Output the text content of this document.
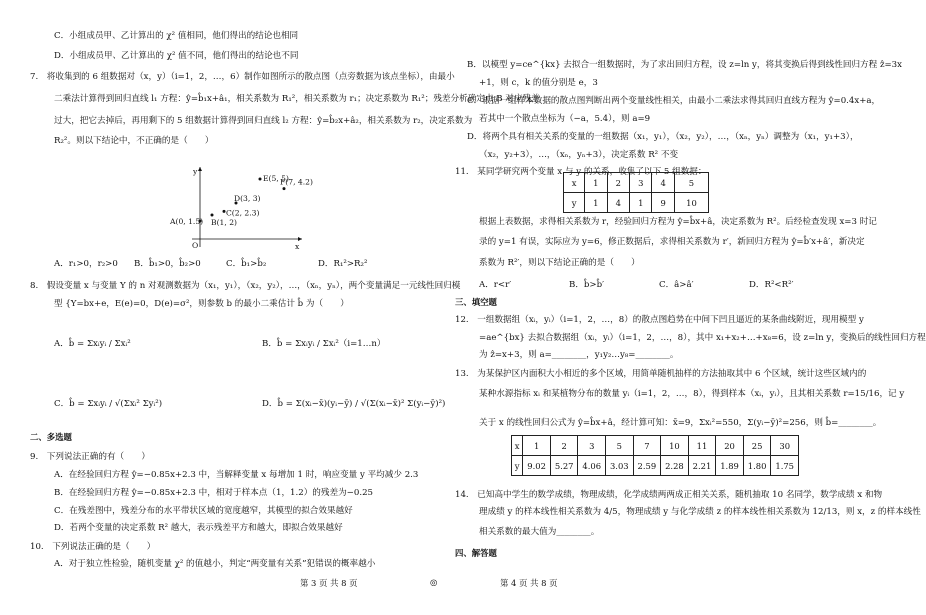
C．小组成员甲、乙计算出的 χ² 值相同，他们得出的结论也相同
D．小组成员甲、乙计算出的 χ² 值不同，他们得出的结论也不同
7.　将收集到的 6 组数据对（x，y）（i=1，2，…，6）制作如图所示的散点图（点旁数据为该点坐标），由最小
二乘法计算得到回归直线 l₁ 方程：ŷ=b̂₁x+â₁，相关系数为 R₁²，相关系数为 r₁；决定系数为 R₁²；残差分析确定点 B 对应残差
过大，把它去掉后，再用剩下的 5 组数据计算得到回归直线 l₂ 方程：ŷ=b̂₂x+â₂，相关系数为 r₂，决定系数为
R₂²。则以下结论中，不正确的是（　　）
A．r₁>0，r₂>0 B．b̂₁>0，b̂₂>0	C．b̂₁>b̂₂	D．R₁²>R₂²
8.　假设变量 x 与变量 Y 的 n 对观测数据为（x₁，y₁），（x₂，y₂），…，（xₙ，yₙ），两个变量满足一元线性回归模
型 {Y=bx+e，E(e)=0，D(e)=σ²，则参数 b 的最小二乘估计 b̂ 为（　　）
A．b̂ = Σxᵢyᵢ / Σxᵢ²	B．b̂ = Σxᵢyᵢ / Σxᵢ²（i=1…n）
C．b̂ = Σxᵢyᵢ / √(Σxᵢ² Σyᵢ²)	D．b̂ = Σ(xᵢ−x̄)(yᵢ−ȳ) / √(Σ(xᵢ−x̄)² Σ(yᵢ−ȳ)²)
二、多选题
9.　下列说法正确的有（　　）
A．在经验回归方程 ŷ=−0.85x+2.3 中，当解释变量 x 每增加 1 时，响应变量 y 平均减少 2.3
B．在经验回归方程 ŷ=−0.85x+2.3 中，相对于样本点（1，1.2）的残差为−0.25
C．在残差图中，残差分布的水平带状区域的宽度越窄，其模型的拟合效果越好
D．若两个变量的决定系数 R² 越大，表示残差平方和越大，即拟合效果越好
10.　下列说法正确的是（　　）
A．对于独立性检验，随机变量 χ² 的值越小，判定“两变量有关系”犯错误的概率越小
x
y
O
A(0, 1.5) B(1, 2)
C(2, 2.3)
D(3, 3)
E(5, 5)
F(7, 4.2)
B．以模型 y=ce^{kx} 去拟合一组数据时，为了求出回归方程，设 z=ln y，将其变换后得到线性回归方程 ẑ=3x
+1，则 c，k 的值分别是 e，3
C．根据一组样本数据的散点图判断出两个变量线性相关，由最小二乘法求得其回归直线方程为 ŷ=0.4x+a，
若其中一个散点坐标为（−a，5.4），则 a=9
D．将两个具有相关关系的变量的一组数据（x₁，y₁），（x₂，y₂），…，（xₙ，yₙ）调整为（x₁，y₁+3），
（x₂，y₂+3），…，（xₙ，yₙ+3），决定系数 R² 不变
11.　某同学研究两个变量 x 与 y 的关系，收集了以下 5 组数据：
根据上表数据，求得相关系数为 r，经验回归方程为 ŷ=b̂x+â，决定系数为 R²。后经检查发现 x=3 时记
录的 y=1 有误，实际应为 y=6，修正数据后，求得相关系数为 r′，新回归方程为 ŷ=b̂′x+â′，新决定
系数为 R²′，则以下结论正确的是（　　）
A．r<r′	B．b̂>b̂′	C．â>â′	D．R²<R²′
三、填空题
12.　一组数据组（xᵢ，yᵢ）（i=1，2，…，8）的散点图趋势在中间下凹且逼近的某条曲线附近，现用模型 y
=ae^{bx} 去拟合数据组（xᵢ，yᵢ）（i=1，2，…，8），其中 x₁+x₂+…+x₈=6，设 z=ln y，变换后的线性回归方程
为 ẑ=x+3，则 a=________，y₁y₂…y₈=________。
13.　为某保护区内面积大小相近的多个区域，用简单随机抽样的方法抽取其中 6 个区域，统计这些区域内的
某种水源指标 xᵢ 和某植物分布的数量 yᵢ（i=1，2，…，8），得到样本（xᵢ，yᵢ），且其相关系数 r=15/16，记 y
关于 x 的线性回归公式为 ŷ=b̂x+â，经计算可知：x̄=9，Σxᵢ²=550，Σ(yᵢ−ȳ)²=256，则 b̂=________。
14.　已知高中学生的数学成绩，物理成绩，化学成绩两两成正相关关系，随机抽取 10 名同学，数学成绩 x 和物
理成绩 y 的样本线性相关系数为 4/5，物理成绩 y 与化学成绩 z 的样本线性相关系数为 12/13，则 x，z 的样本线性
相关系数的最大值为________。
四、解答题
x	1	2	3	4	5
y	1	4	1	9	10
x	1	2	3	5	7	10	11	20	25	30
y	9.02	5.27	4.06	3.03	2.59	2.28	2.21	1.89	1.80	1.75
第 3 页 共 8 页	◎	第 4 页 共 8 页
